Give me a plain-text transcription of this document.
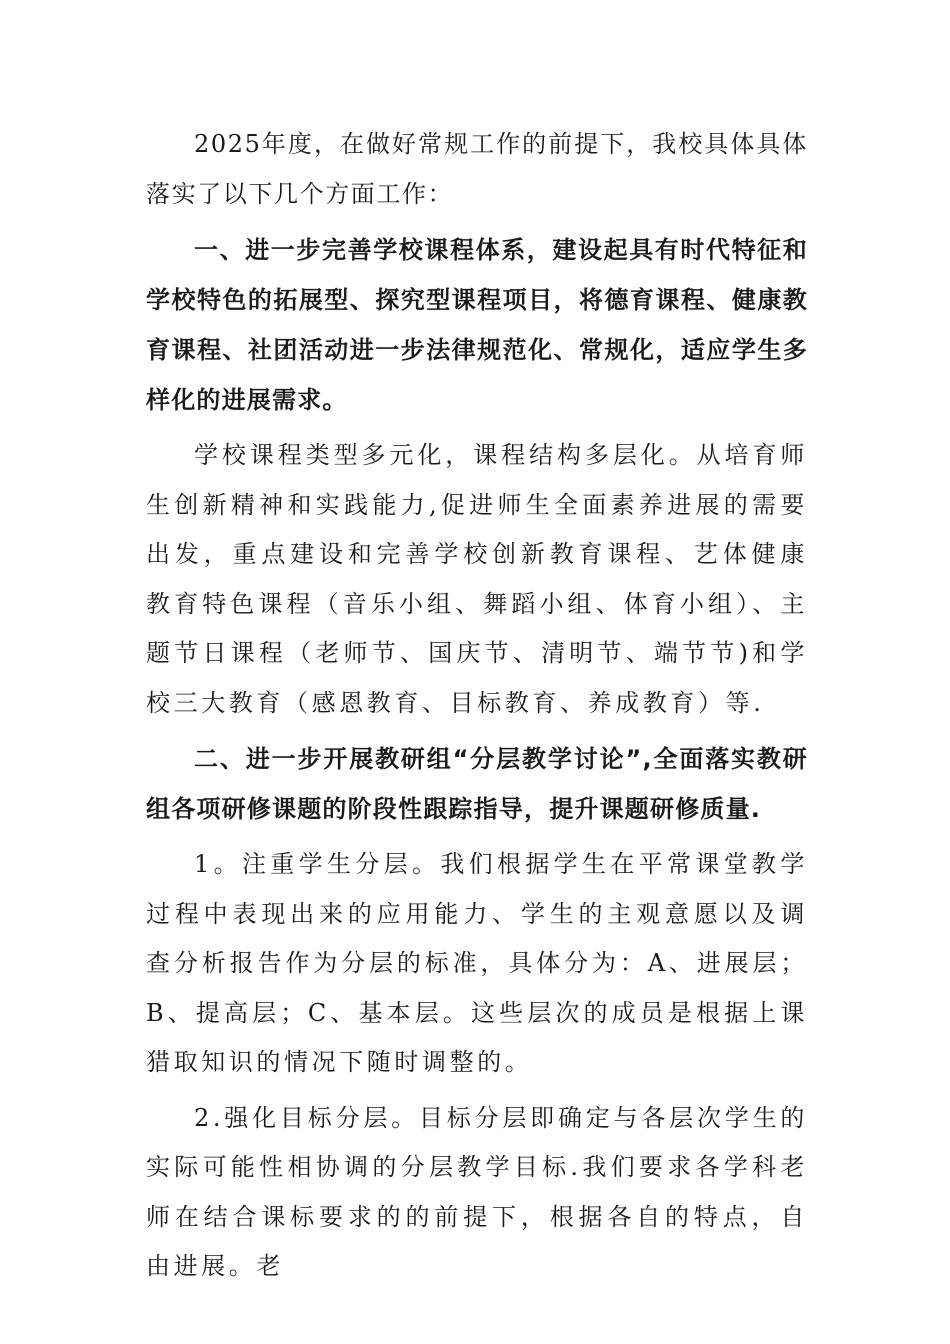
2025年度，在做好常规工作的前提下，我校具体具体落实了以下几个方面工作：

一、进一步完善学校课程体系，建设起具有时代特征和学校特色的拓展型、探究型课程项目，将德育课程、健康教育课程、社团活动进一步法律规范化、常规化，适应学生多样化的进展需求。

学校课程类型多元化，课程结构多层化。从培育师生创新精神和实践能力,促进师生全面素养进展的需要出发，重点建设和完善学校创新教育课程、艺体健康教育特色课程（音乐小组、舞蹈小组、体育小组）、主题节日课程（老师节、国庆节、清明节、端节节)和学校三大教育（感恩教育、目标教育、养成教育）等.

二、进一步开展教研组“分层教学讨论”,全面落实教研组各项研修课题的阶段性跟踪指导，提升课题研修质量.

1。注重学生分层。我们根据学生在平常课堂教学过程中表现出来的应用能力、学生的主观意愿以及调查分析报告作为分层的标准，具体分为：A、进展层；B、提高层；C、基本层。这些层次的成员是根据上课猎取知识的情况下随时调整的。

2.强化目标分层。目标分层即确定与各层次学生的实际可能性相协调的分层教学目标.我们要求各学科老师在结合课标要求的的前提下，根据各自的特点，自由进展。老
